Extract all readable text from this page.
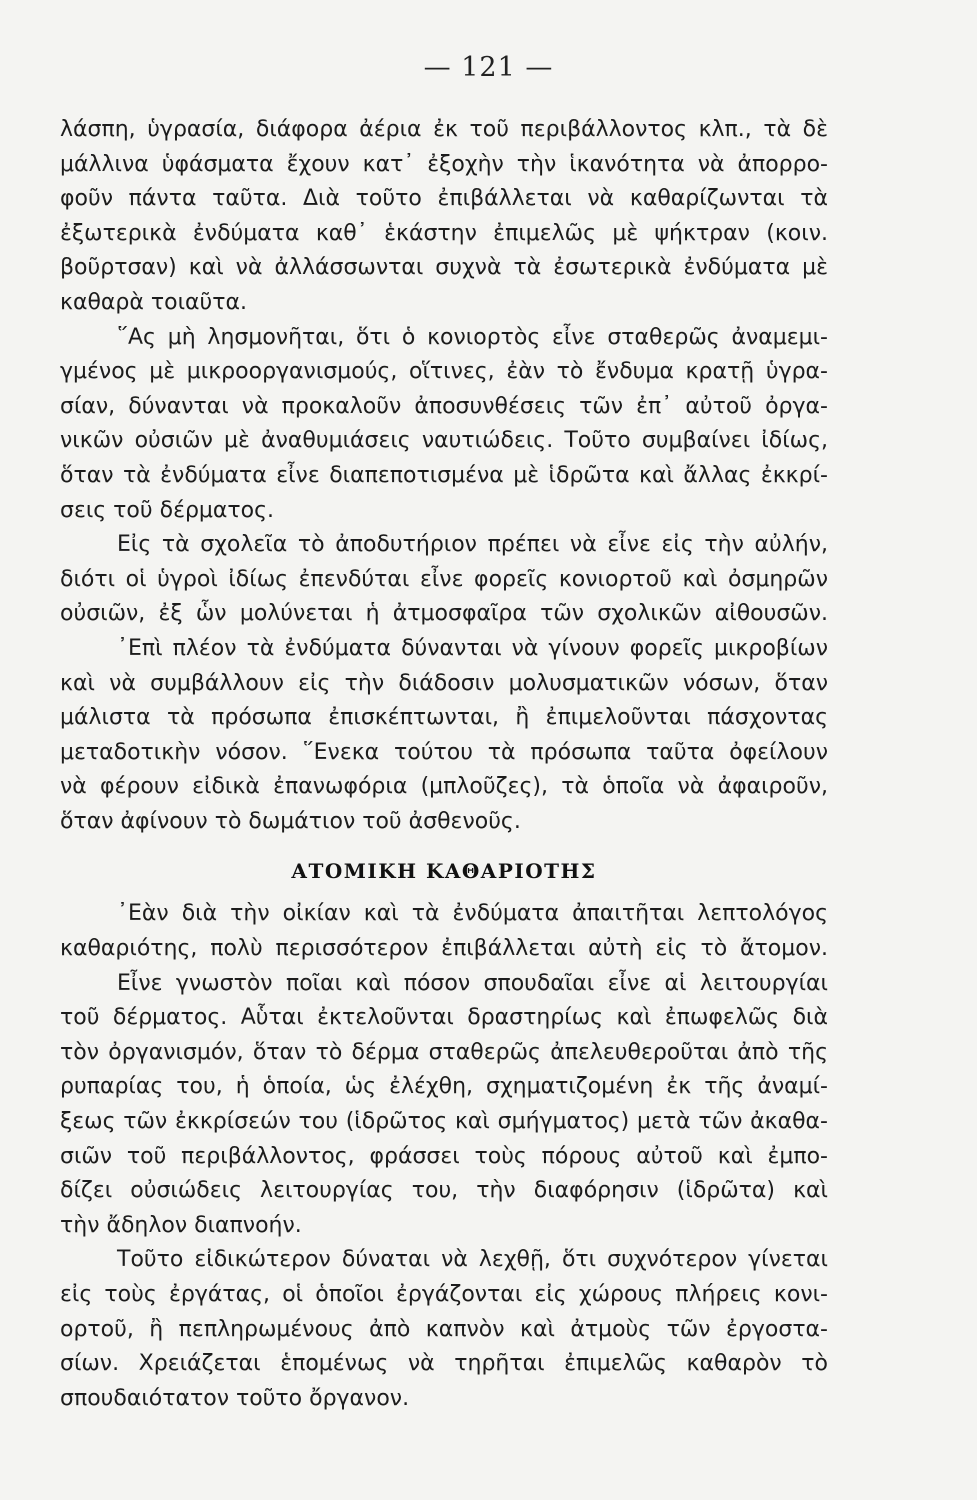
— 121 —
λάσπη, ὑγρασία, διάφορα ἀέρια ἐκ τοῦ περιβάλλοντος κλπ., τὰ δὲ
μάλλινα ὑφάσματα ἔχουν κατ᾽ ἐξοχὴν τὴν ἱκανότητα νὰ ἀπορρο-
φοῦν πάντα ταῦτα. Διὰ τοῦτο ἐπιβάλλεται νὰ καθαρίζωνται τὰ
ἐξωτερικὰ ἐνδύματα καθ᾽ ἑκάστην ἐπιμελῶς μὲ ψήκτραν (κοιν.
βοῦρτσαν) καὶ νὰ ἀλλάσσωνται συχνὰ τὰ ἐσωτερικὰ ἐνδύματα μὲ
καθαρὰ τοιαῦτα.
῞Ας μὴ λησμονῆται, ὅτι ὁ κονιορτὸς εἶνε σταθερῶς ἀναμεμι-
γμένος μὲ μικροοργανισμούς, οἵτινες, ἐὰν τὸ ἔνδυμα κρατῇ ὑγρα-
σίαν, δύνανται νὰ προκαλοῦν ἀποσυνθέσεις τῶν ἐπ᾽ αὐτοῦ ὀργα-
νικῶν οὐσιῶν μὲ ἀναθυμιάσεις ναυτιώδεις. Τοῦτο συμβαίνει ἰδίως,
ὅταν τὰ ἐνδύματα εἶνε διαπεποτισμένα μὲ ἱδρῶτα καὶ ἄλλας ἐκκρί-
σεις τοῦ δέρματος.
Εἰς τὰ σχολεῖα τὸ ἀποδυτήριον πρέπει νὰ εἶνε εἰς τὴν αὐλήν,
διότι οἱ ὑγροὶ ἰδίως ἐπενδύται εἶνε φορεῖς κονιορτοῦ καὶ ὀσμηρῶν
οὐσιῶν, ἐξ ὧν μολύνεται ἡ ἀτμοσφαῖρα τῶν σχολικῶν αἰθουσῶν.
᾽Επὶ πλέον τὰ ἐνδύματα δύνανται νὰ γίνουν φορεῖς μικροβίων
καὶ νὰ συμβάλλουν εἰς τὴν διάδοσιν μολυσματικῶν νόσων, ὅταν
μάλιστα τὰ πρόσωπα ἐπισκέπτωνται, ἢ ἐπιμελοῦνται πάσχοντας
μεταδοτικὴν νόσον. ῞Ενεκα τούτου τὰ πρόσωπα ταῦτα ὀφείλουν
νὰ φέρουν εἰδικὰ ἐπανωφόρια (μπλοῦζες), τὰ ὁποῖα νὰ ἀφαιροῦν,
ὅταν ἀφίνουν τὸ δωμάτιον τοῦ ἀσθενοῦς.
ΑΤΟΜΙΚΗ ΚΑΘΑΡΙΟΤΗΣ
᾽Εὰν διὰ τὴν οἰκίαν καὶ τὰ ἐνδύματα ἀπαιτῆται λεπτολόγος
καθαριότης, πολὺ περισσότερον ἐπιβάλλεται αὐτὴ εἰς τὸ ἄτομον.
Εἶνε γνωστὸν ποῖαι καὶ πόσον σπουδαῖαι εἶνε αἱ λειτουργίαι
τοῦ δέρματος. Αὗται ἐκτελοῦνται δραστηρίως καὶ ἐπωφελῶς διὰ
τὸν ὀργανισμόν, ὅταν τὸ δέρμα σταθερῶς ἀπελευθεροῦται ἀπὸ τῆς
ρυπαρίας του, ἡ ὁποία, ὡς ἐλέχθη, σχηματιζομένη ἐκ τῆς ἀναμί-
ξεως τῶν ἐκκρίσεών του (ἱδρῶτος καὶ σμήγματος) μετὰ τῶν ἀκαθα-
σιῶν τοῦ περιβάλλοντος, φράσσει τοὺς πόρους αὐτοῦ καὶ ἐμπο-
δίζει οὐσιώδεις λειτουργίας του, τὴν διαφόρησιν (ἱδρῶτα) καὶ
τὴν ἄδηλον διαπνοήν.
Τοῦτο εἰδικώτερον δύναται νὰ λεχθῇ, ὅτι συχνότερον γίνεται
εἰς τοὺς ἐργάτας, οἱ ὁποῖοι ἐργάζονται εἰς χώρους πλήρεις κονι-
ορτοῦ, ἢ πεπληρωμένους ἀπὸ καπνὸν καὶ ἀτμοὺς τῶν ἐργοστα-
σίων. Χρειάζεται ἑπομένως νὰ τηρῆται ἐπιμελῶς καθαρὸν τὸ
σπουδαιότατον τοῦτο ὄργανον.
